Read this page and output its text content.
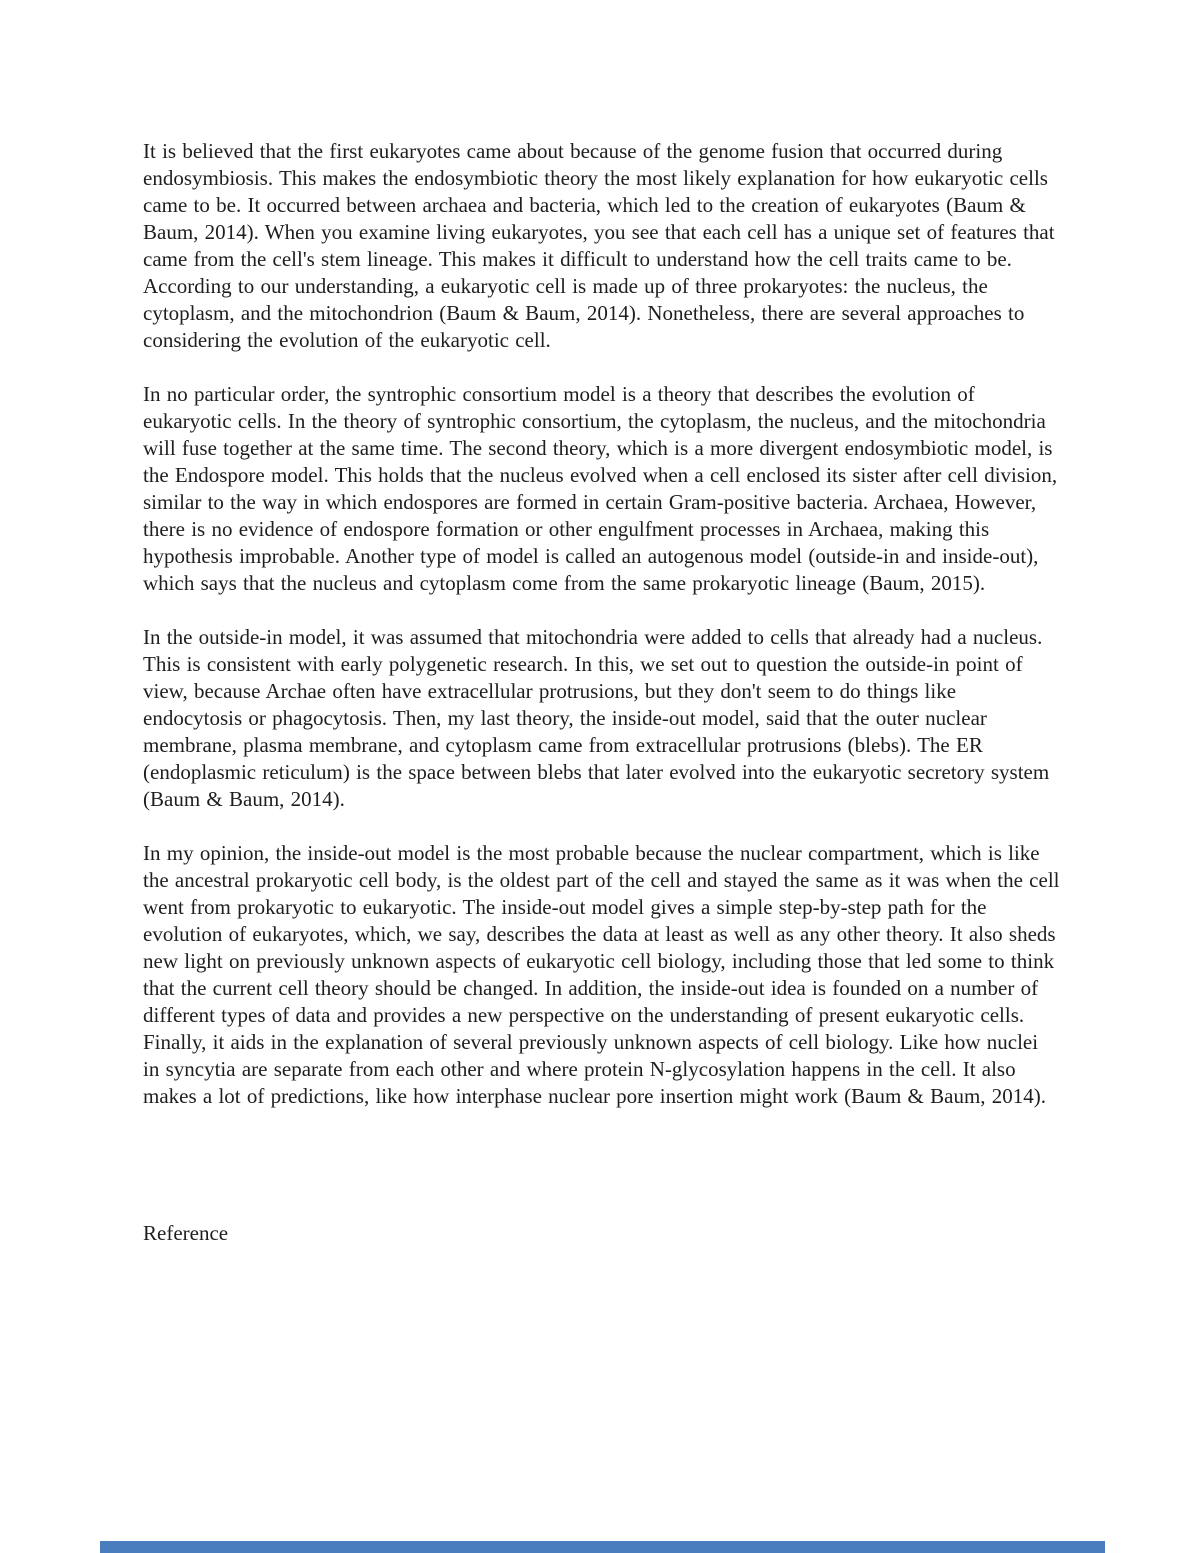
It is believed that the first eukaryotes came about because of the genome fusion that occurred during endosymbiosis. This makes the endosymbiotic theory the most likely explanation for how eukaryotic cells came to be. It occurred between archaea and bacteria, which led to the creation of eukaryotes (Baum & Baum, 2014). When you examine living eukaryotes, you see that each cell has a unique set of features that came from the cell's stem lineage. This makes it difficult to understand how the cell traits came to be. According to our understanding, a eukaryotic cell is made up of three prokaryotes: the nucleus, the cytoplasm, and the mitochondrion (Baum & Baum, 2014). Nonetheless, there are several approaches to considering the evolution of the eukaryotic cell.

In no particular order, the syntrophic consortium model is a theory that describes the evolution of eukaryotic cells. In the theory of syntrophic consortium, the cytoplasm, the nucleus, and the mitochondria will fuse together at the same time. The second theory, which is a more divergent endosymbiotic model, is the Endospore model. This holds that the nucleus evolved when a cell enclosed its sister after cell division, similar to the way in which endospores are formed in certain Gram-positive bacteria. Archaea, However, there is no evidence of endospore formation or other engulfment processes in Archaea, making this hypothesis improbable. Another type of model is called an autogenous model (outside-in and inside-out), which says that the nucleus and cytoplasm come from the same prokaryotic lineage (Baum, 2015).

In the outside-in model, it was assumed that mitochondria were added to cells that already had a nucleus. This is consistent with early polygenetic research. In this, we set out to question the outside-in point of view, because Archae often have extracellular protrusions, but they don't seem to do things like endocytosis or phagocytosis. Then, my last theory, the inside-out model, said that the outer nuclear membrane, plasma membrane, and cytoplasm came from extracellular protrusions (blebs). The ER (endoplasmic reticulum) is the space between blebs that later evolved into the eukaryotic secretory system (Baum & Baum, 2014).

In my opinion, the inside-out model is the most probable because the nuclear compartment, which is like the ancestral prokaryotic cell body, is the oldest part of the cell and stayed the same as it was when the cell went from prokaryotic to eukaryotic. The inside-out model gives a simple step-by-step path for the evolution of eukaryotes, which, we say, describes the data at least as well as any other theory. It also sheds new light on previously unknown aspects of eukaryotic cell biology, including those that led some to think that the current cell theory should be changed. In addition, the inside-out idea is founded on a number of different types of data and provides a new perspective on the understanding of present eukaryotic cells. Finally, it aids in the explanation of several previously unknown aspects of cell biology. Like how nuclei in syncytia are separate from each other and where protein N-glycosylation happens in the cell. It also makes a lot of predictions, like how interphase nuclear pore insertion might work (Baum & Baum, 2014).

Reference
